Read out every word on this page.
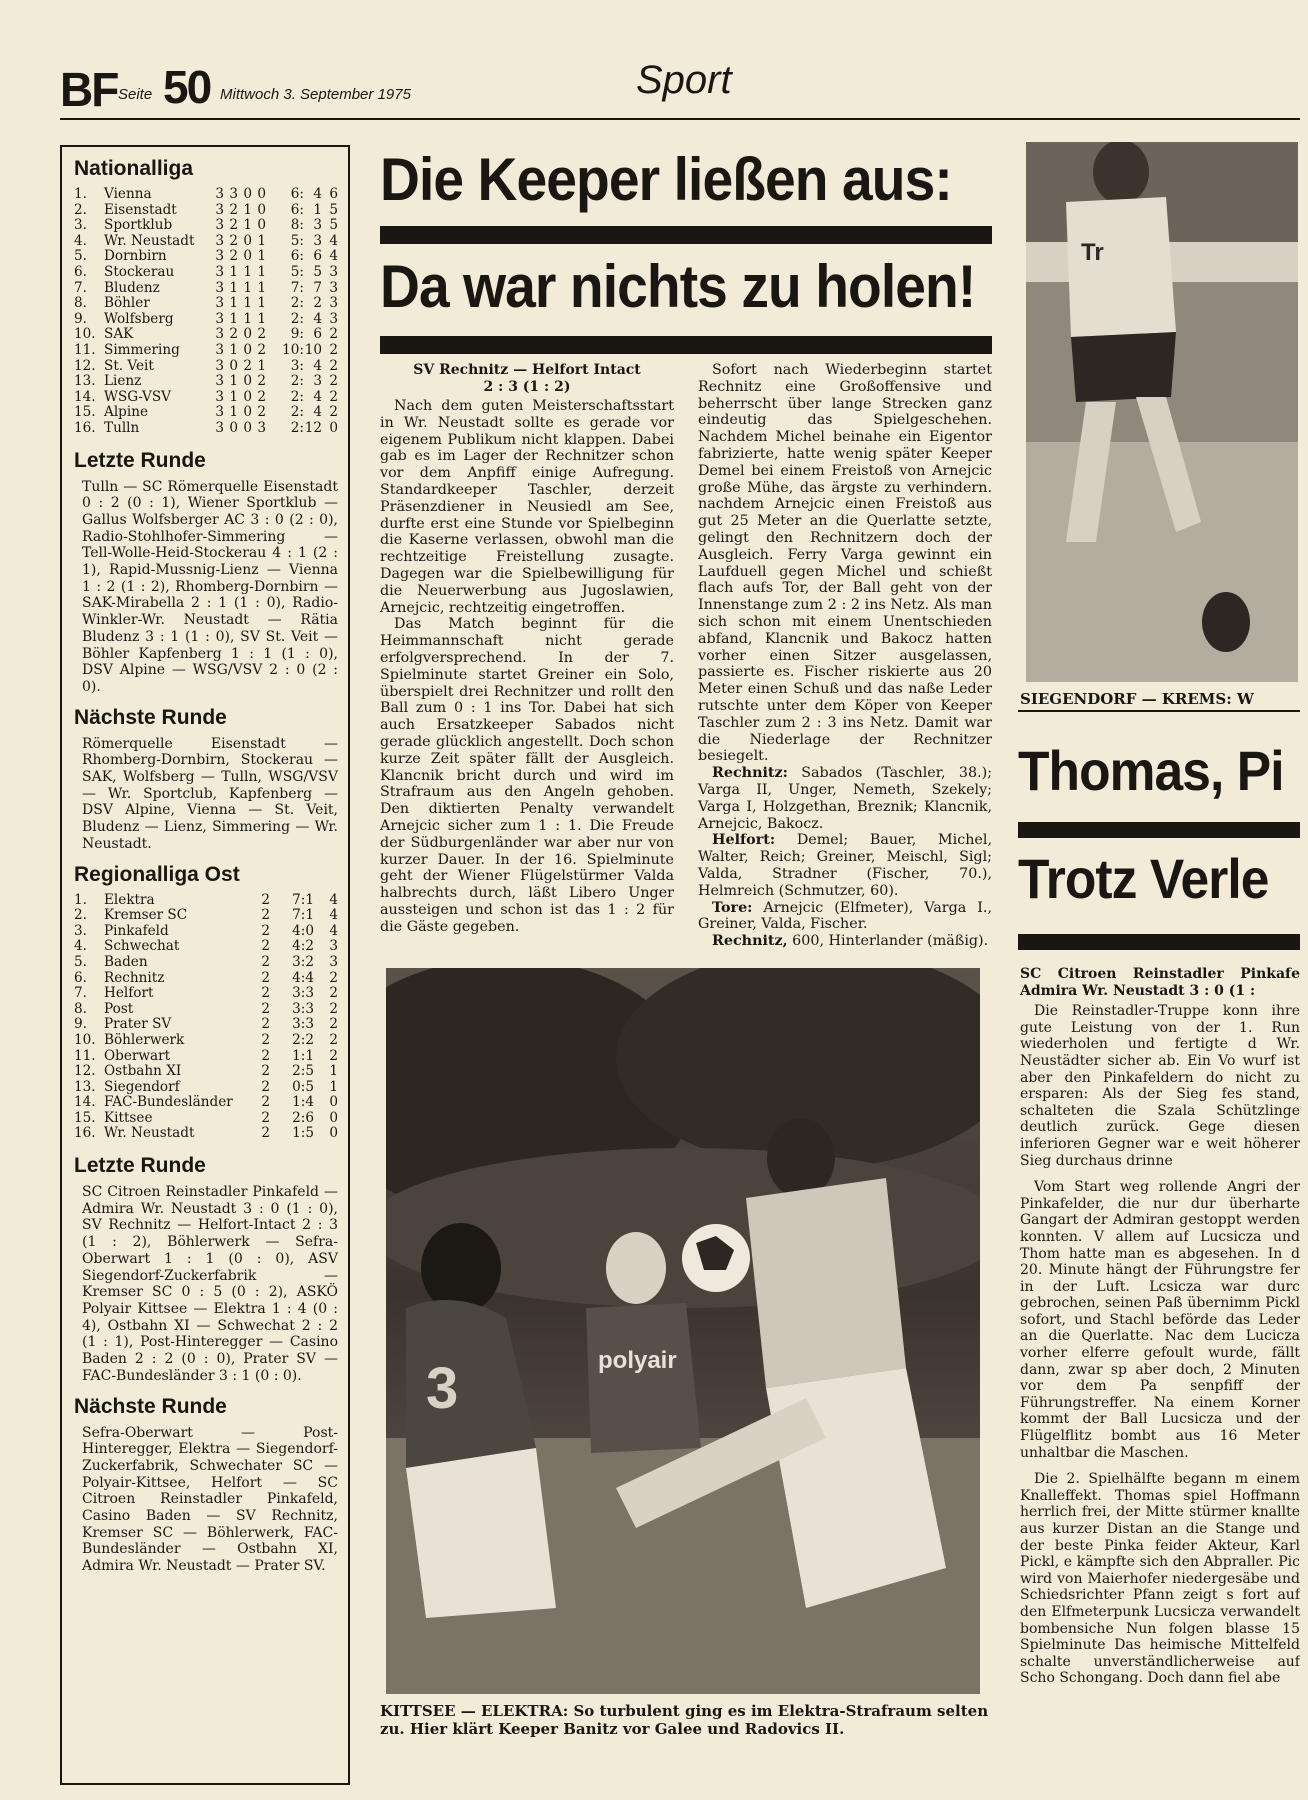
BF Seite 50 Mittwoch 3. September 1975	Sport
Nationalliga
1.	Vienna	3	3	0	0	6:	4	6
2.	Eisenstadt	3	2	1	0	6:	1	5
3.	Sportklub	3	2	1	0	8:	3	5
4.	Wr. Neustadt	3	2	0	1	5:	3	4
5.	Dornbirn	3	2	0	1	6:	6	4
6.	Stockerau	3	1	1	1	5:	5	3
7.	Bludenz	3	1	1	1	7:	7	3
8.	Böhler	3	1	1	1	2:	2	3
9.	Wolfsberg	3	1	1	1	2:	4	3
10.	SAK	3	2	0	2	9:	6	2
11.	Simmering	3	1	0	2	10:	10	2
12.	St. Veit	3	0	2	1	3:	4	2
13.	Lienz	3	1	0	2	2:	3	2
14.	WSG-VSV	3	1	0	2	2:	4	2
15.	Alpine	3	1	0	2	2:	4	2
16.	Tulln	3	0	0	3	2:	12	0
Letzte Runde

Tulln — SC Römerquelle Eisenstadt 0 : 2 (0 : 1), Wiener Sportklub — Gallus Wolfsberger AC 3 : 0 (2 : 0), Radio-Stohlhofer-Simmering — Tell-Wolle-Heid-Stockerau 4 : 1 (2 : 1), Rapid-Mussnig-Lienz — Vienna 1 : 2 (1 : 2), Rhomberg-Dornbirn — SAK-Mirabella 2 : 1 (1 : 0), Radio-Winkler-Wr. Neustadt — Rätia Bludenz 3 : 1 (1 : 0), SV St. Veit — Böhler Kapfenberg 1 : 1 (1 : 0), DSV Alpine — WSG/VSV 2 : 0 (2 : 0).

Nächste Runde

Römerquelle Eisenstadt — Rhomberg-Dornbirn, Stockerau — SAK, Wolfsberg — Tulln, WSG/VSV — Wr. Sportclub, Kapfenberg — DSV Alpine, Vienna — St. Veit, Bludenz — Lienz, Simmering — Wr. Neustadt.

Regionalliga Ost
1.	Elektra	2	7:1	4
2.	Kremser SC	2	7:1	4
3.	Pinkafeld	2	4:0	4
4.	Schwechat	2	4:2	3
5.	Baden	2	3:2	3
6.	Rechnitz	2	4:4	2
7.	Helfort	2	3:3	2
8.	Post	2	3:3	2
9.	Prater SV	2	3:3	2
10.	Böhlerwerk	2	2:2	2
11.	Oberwart	2	1:1	2
12.	Ostbahn XI	2	2:5	1
13.	Siegendorf	2	0:5	1
14.	FAC-Bundesländer	2	1:4	0
15.	Kittsee	2	2:6	0
16.	Wr. Neustadt	2	1:5	0
Letzte Runde

SC Citroen Reinstadler Pinkafeld — Admira Wr. Neustadt 3 : 0 (1 : 0), SV Rechnitz — Helfort-Intact 2 : 3 (1 : 2), Böhlerwerk — Sefra-Oberwart 1 : 1 (0 : 0), ASV Siegendorf-Zuckerfabrik — Kremser SC 0 : 5 (0 : 2), ASKÖ Polyair Kittsee — Elektra 1 : 4 (0 : 4), Ostbahn XI — Schwechat 2 : 2 (1 : 1), Post-Hinteregger — Casino Baden 2 : 2 (0 : 0), Prater SV — FAC-Bundesländer 3 : 1 (0 : 0).

Nächste Runde

Sefra-Oberwart — Post-Hinteregger, Elektra — Siegendorf-Zuckerfabrik, Schwechater SC — Polyair-Kittsee, Helfort — SC Citroen Reinstadler Pinkafeld, Casino Baden — SV Rechnitz, Kremser SC — Böhlerwerk, FAC-Bundesländer — Ostbahn XI, Admira Wr. Neustadt — Prater SV.

Die Keeper ließen aus:
Da war nichts zu holen!
SV Rechnitz — Helfort Intact
2 : 3 (1 : 2)

Nach dem guten Meisterschaftsstart in Wr. Neustadt sollte es gerade vor eigenem Publikum nicht klappen. Dabei gab es im Lager der Rechnitzer schon vor dem Anpfiff einige Aufregung. Standardkeeper Taschler, derzeit Präsenzdiener in Neusiedl am See, durfte erst eine Stunde vor Spielbeginn die Kaserne verlassen, obwohl man die rechtzeitige Freistellung zusagte. Dagegen war die Spielbewilligung für die Neuerwerbung aus Jugoslawien, Arnejcic, rechtzeitig eingetroffen.

Das Match beginnt für die Heimmannschaft nicht gerade erfolgversprechend. In der 7. Spielminute startet Greiner ein Solo, überspielt drei Rechnitzer und rollt den Ball zum 0 : 1 ins Tor. Dabei hat sich auch Ersatzkeeper Sabados nicht gerade glücklich angestellt. Doch schon kurze Zeit später fällt der Ausgleich. Klancnik bricht durch und wird im Strafraum aus den Angeln gehoben. Den diktierten Penalty verwandelt Arnejcic sicher zum 1 : 1. Die Freude der Südburgenländer war aber nur von kurzer Dauer. In der 16. Spielminute geht der Wiener Flügelstürmer Valda halbrechts durch, läßt Libero Unger aussteigen und schon ist das 1 : 2 für die Gäste gegeben.

Sofort nach Wiederbeginn startet Rechnitz eine Großoffensive und beherrscht über lange Strecken ganz eindeutig das Spielgeschehen. Nachdem Michel beinahe ein Eigentor fabrizierte, hatte wenig später Keeper Demel bei einem Freistoß von Arnejcic große Mühe, das ärgste zu verhindern. nachdem Arnejcic einen Freistoß aus gut 25 Meter an die Querlatte setzte, gelingt den Rechnitzern doch der Ausgleich. Ferry Varga gewinnt ein Laufduell gegen Michel und schießt flach aufs Tor, der Ball geht von der Innenstange zum 2 : 2 ins Netz. Als man sich schon mit einem Unentschieden abfand, Klancnik und Bakocz hatten vorher einen Sitzer ausgelassen, passierte es. Fischer riskierte aus 20 Meter einen Schuß und das naße Leder rutschte unter dem Köper von Keeper Taschler zum 2 : 3 ins Netz. Damit war die Niederlage der Rechnitzer besiegelt.

Rechnitz: Sabados (Taschler, 38.); Varga II, Unger, Nemeth, Szekely; Varga I, Holzgethan, Breznik; Klancnik, Arnejcic, Bakocz.

Helfort: Demel; Bauer, Michel, Walter, Reich; Greiner, Meischl, Sigl; Valda, Stradner (Fischer, 70.), Helmreich (Schmutzer, 60).

Tore: Arnejcic (Elfmeter), Varga I., Greiner, Valda, Fischer.

Rechnitz, 600, Hinterlander (mäßig).

3	polyair
KITTSEE — ELEKTRA: So turbulent ging es im Elektra-Strafraum selten zu. Hier klärt Keeper Banitz vor Galee und Radovics II.
Tr
SIEGENDORF — KREMS: W
Thomas, Pi
Trotz Verle

SC Citroen Reinstadler Pinkafe Admira Wr. Neustadt 3 : 0 (1 :

Die Reinstadler-Truppe konn ihre gute Leistung von der 1. Run wiederholen und fertigte d Wr. Neustädter sicher ab. Ein Vo wurf ist aber den Pinkafeldern do nicht zu ersparen: Als der Sieg fes stand, schalteten die Szala Schützlinge deutlich zurück. Gege diesen inferioren Gegner war e weit höherer Sieg durchaus drinne

Vom Start weg rollende Angri der Pinkafelder, die nur dur überharte Gangart der Admiran gestoppt werden konnten. V allem auf Lucsicza und Thom hatte man es abgesehen. In d 20. Minute hängt der Führungstre fer in der Luft. Lcsicza war durc gebrochen, seinen Paß übernimm Pickl sofort, und Stachl beförde das Leder an die Querlatte. Nac dem Lucicza vorher elferre gefoult wurde, fällt dann, zwar sp aber doch, 2 Minuten vor dem Pa senpfiff der Führungstreffer. Na einem Korner kommt der Ball Lucsicza und der Flügelflitz bombt aus 16 Meter unhaltbar die Maschen.

Die 2. Spielhälfte begann m einem Knalleffekt. Thomas spiel Hoffmann herrlich frei, der Mitte stürmer knallte aus kurzer Distan an die Stange und der beste Pinka feider Akteur, Karl Pickl, e kämpfte sich den Abpraller. Pic wird von Maierhofer niedergesäbe und Schiedsrichter Pfann zeigt s fort auf den Elfmeterpunk Lucsicza verwandelt bombensiche Nun folgen blasse 15 Spielminute Das heimische Mittelfeld schalte unverständlicherweise auf Scho Schongang. Doch dann fiel abe
